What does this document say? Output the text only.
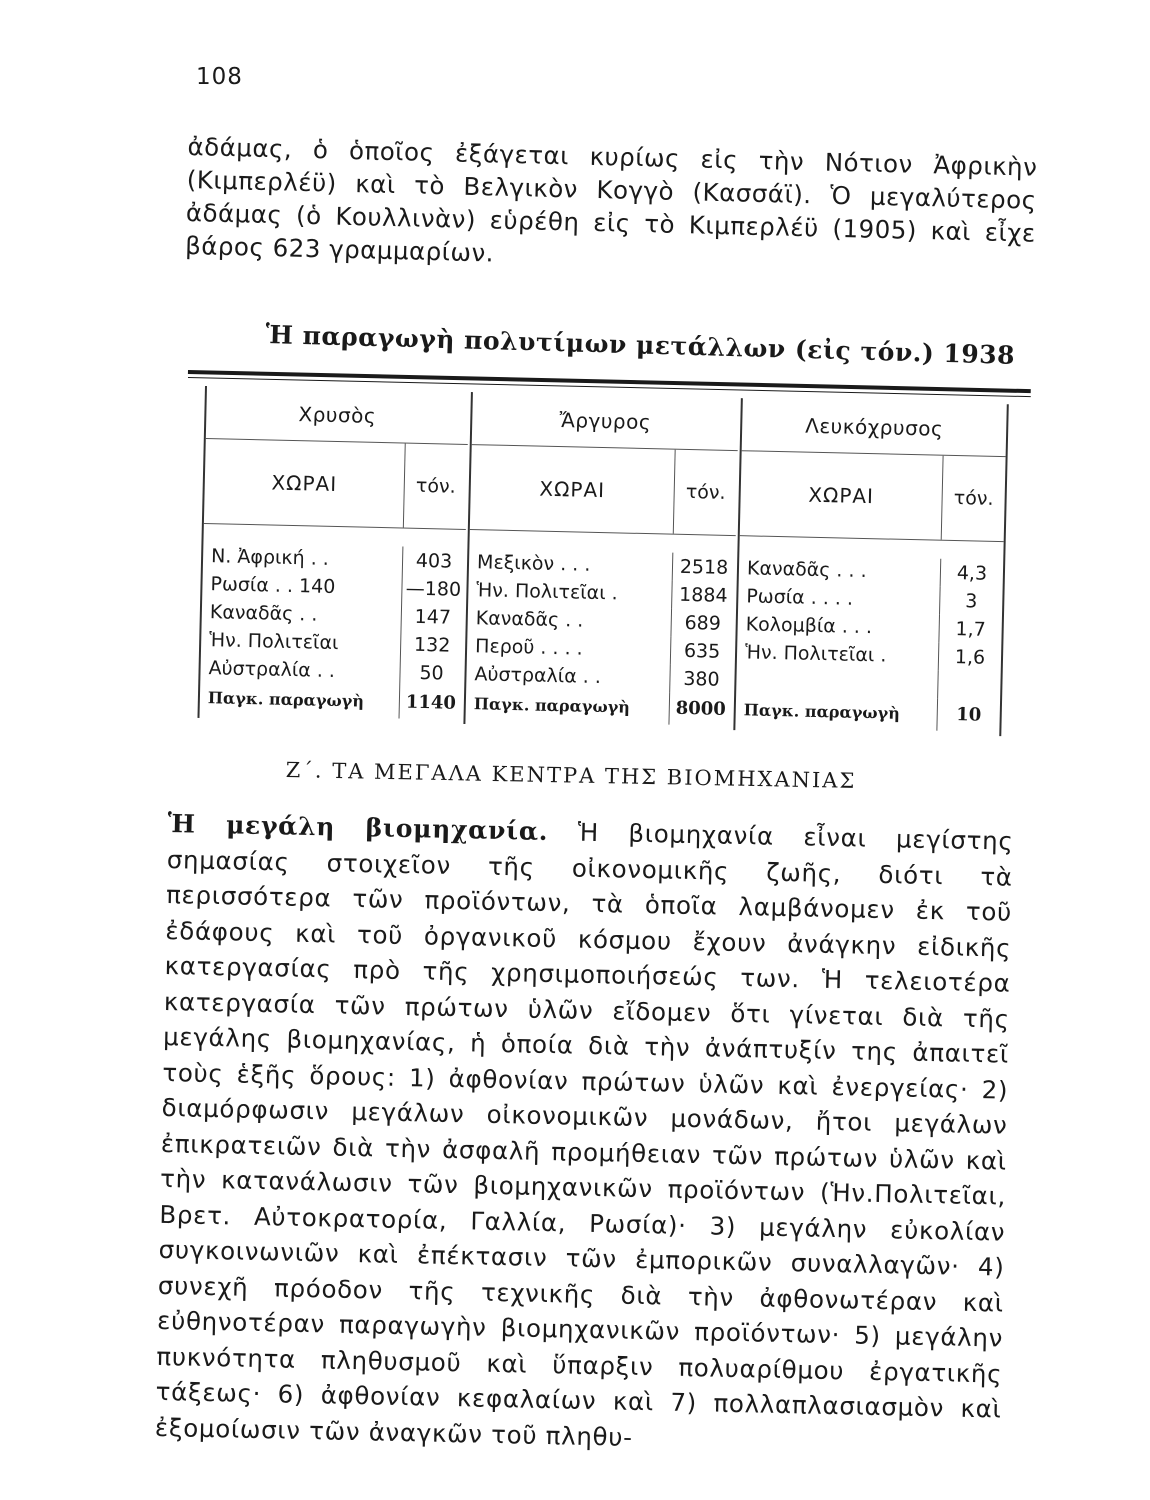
108

ἀδάμας, ὁ ὁποῖος ἐξάγεται κυρίως εἰς τὴν Νότιον Ἀφρικὴν (Κιμπερλέϋ) καὶ τὸ Βελγικὸν Κογγὸ (Κασσάϊ). Ὁ μεγαλύτερος ἀδάμας (ὁ Κουλλινὰν) εὑρέθη εἰς τὸ Κιμπερλέϋ (1905) καὶ εἶχε βάρος 623 γραμμαρίων.

Ἡ παραγωγὴ πολυτίμων μετάλλων (εἰς τόν.) 1938
Χρυσὸς
ΧΩΡΑΙ	τόν.
Ν. Ἀφρική . .	403
Ρωσία . . 140	—180
Καναδᾶς . .	147
Ἡν. Πολιτεῖαι	132
Αὐστραλία . .	50
Παγκ. παραγωγὴ	1140
Ἄργυρος
ΧΩΡΑΙ	τόν.
Μεξικὸν . . .	2518
Ἡν. Πολιτεῖαι .	1884
Καναδᾶς . .	689
Περοῦ . . . .	635
Αὐστραλία . .	380
Παγκ. παραγωγὴ	8000
Λευκόχρυσος
ΧΩΡΑΙ	τόν.
Καναδᾶς . . .	4,3
Ρωσία . . . .	3
Κολομβία . . .	1,7
Ἡν. Πολιτεῖαι .	1,6
Παγκ. παραγωγὴ	10
Ζ΄. ΤΑ ΜΕΓΑΛΑ ΚΕΝΤΡΑ ΤΗΣ ΒΙΟΜΗΧΑΝΙΑΣ

Ἡ μεγάλη βιομηχανία. Ἡ βιομηχανία εἶναι μεγίστης σημασίας στοιχεῖον τῆς οἰκονομικῆς ζωῆς, διότι τὰ περισσότερα τῶν προϊόντων, τὰ ὁποῖα λαμβάνομεν ἐκ τοῦ ἐδάφους καὶ τοῦ ὀργανικοῦ κόσμου ἔχουν ἀνάγκην εἰδικῆς κατεργασίας πρὸ τῆς χρησιμοποιήσεώς των. Ἡ τελειοτέρα κατεργασία τῶν πρώτων ὑλῶν εἴδομεν ὅτι γίνεται διὰ τῆς μεγάλης βιομηχανίας, ἡ ὁποία διὰ τὴν ἀνάπτυξίν της ἀπαιτεῖ τοὺς ἑξῆς ὅρους: 1) ἀφθονίαν πρώτων ὑλῶν καὶ ἐνεργείας· 2) διαμόρφωσιν μεγάλων οἰκονομικῶν μονάδων, ἤτοι μεγάλων ἐπικρατειῶν διὰ τὴν ἀσφαλῆ προμήθειαν τῶν πρώτων ὑλῶν καὶ τὴν κατανάλωσιν τῶν βιομηχανικῶν προϊόντων (Ἡν.Πολιτεῖαι, Βρετ. Αὐτοκρατορία, Γαλλία, Ρωσία)· 3) μεγάλην εὐκολίαν συγκοινωνιῶν καὶ ἐπέκτασιν τῶν ἐμπορικῶν συναλλαγῶν· 4) συνεχῆ πρόοδον τῆς τεχνικῆς διὰ τὴν ἀφθονωτέραν καὶ εὐθηνοτέραν παραγωγὴν βιομηχανικῶν προϊόντων· 5) μεγάλην πυκνότητα πληθυσμοῦ καὶ ὕπαρξιν πολυαρίθμου ἐργατικῆς τάξεως· 6) ἀφθονίαν κεφαλαίων καὶ 7) πολλαπλασιασμὸν καὶ ἐξομοίωσιν τῶν ἀναγκῶν τοῦ πληθυ-
